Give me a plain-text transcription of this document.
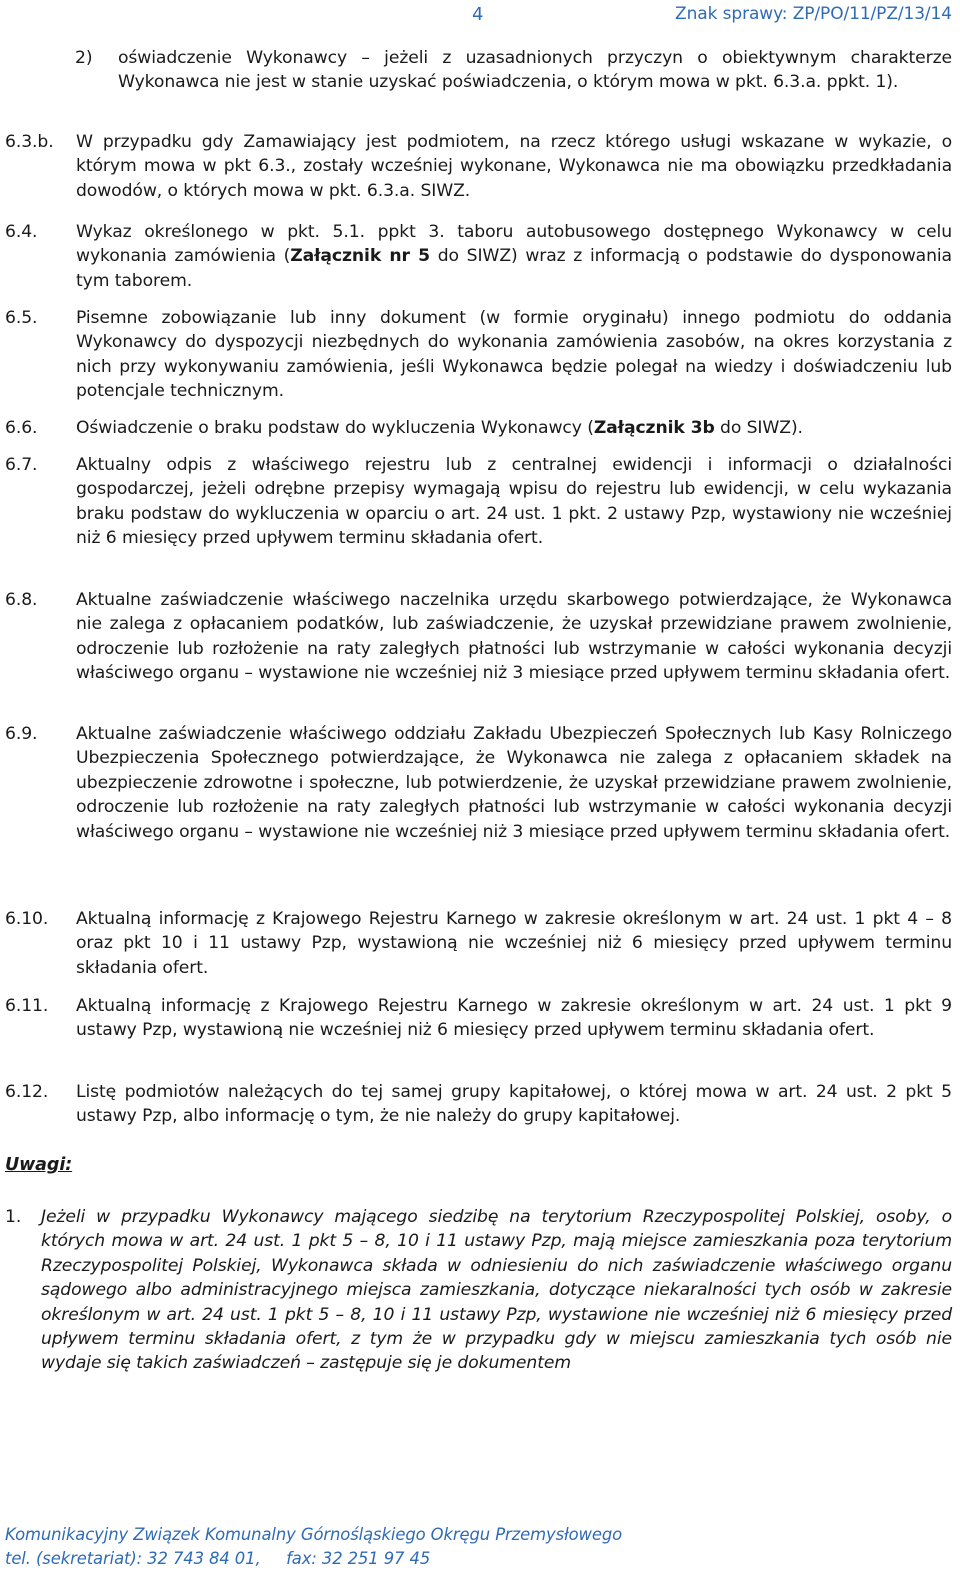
4	Znak sprawy: ZP/PO/11/PZ/13/14
2)	oświadczenie Wykonawcy – jeżeli z uzasadnionych przyczyn o obiektywnym charakterze Wykonawca nie jest w stanie uzyskać poświadczenia, o którym mowa w pkt. 6.3.a. ppkt. 1).
6.3.b.	W przypadku gdy Zamawiający jest podmiotem, na rzecz którego usługi wskazane w wykazie, o którym mowa w pkt 6.3., zostały wcześniej wykonane, Wykonawca nie ma obowiązku przedkładania dowodów, o których mowa w pkt. 6.3.a. SIWZ.
6.4.	Wykaz określonego w pkt. 5.1. ppkt 3. taboru autobusowego dostępnego Wykonawcy w celu wykonania zamówienia (Załącznik nr 5 do SIWZ) wraz z informacją o podstawie do dysponowania tym taborem.
6.5.	Pisemne zobowiązanie lub inny dokument (w formie oryginału) innego podmiotu do oddania Wykonawcy do dyspozycji niezbędnych do wykonania zamówienia zasobów, na okres korzystania z nich przy wykonywaniu zamówienia, jeśli Wykonawca będzie polegał na wiedzy i doświadczeniu lub potencjale technicznym.
6.6.	Oświadczenie o braku podstaw do wykluczenia Wykonawcy (Załącznik 3b do SIWZ).
6.7.	Aktualny odpis z właściwego rejestru lub z centralnej ewidencji i informacji o działalności gospodarczej, jeżeli odrębne przepisy wymagają wpisu do rejestru lub ewidencji, w celu wykazania braku podstaw do wykluczenia w oparciu o art. 24 ust. 1 pkt. 2 ustawy Pzp, wystawiony nie wcześniej niż 6 miesięcy przed upływem terminu składania ofert.
6.8.	Aktualne zaświadczenie właściwego naczelnika urzędu skarbowego potwierdzające, że Wykonawca nie zalega z opłacaniem podatków, lub zaświadczenie, że uzyskał przewidziane prawem zwolnienie, odroczenie lub rozłożenie na raty zaległych płatności lub wstrzymanie w całości wykonania decyzji właściwego organu – wystawione nie wcześniej niż 3 miesiące przed upływem terminu składania ofert.
6.9.	Aktualne zaświadczenie właściwego oddziału Zakładu Ubezpieczeń Społecznych lub Kasy Rolniczego Ubezpieczenia Społecznego potwierdzające, że Wykonawca nie zalega z opłacaniem składek na ubezpieczenie zdrowotne i społeczne, lub potwierdzenie, że uzyskał przewidziane prawem zwolnienie, odroczenie lub rozłożenie na raty zaległych płatności lub wstrzymanie w całości wykonania decyzji właściwego organu – wystawione nie wcześniej niż 3 miesiące przed upływem terminu składania ofert.
6.10.	Aktualną informację z Krajowego Rejestru Karnego w zakresie określonym w art. 24 ust. 1 pkt 4 – 8 oraz pkt 10 i 11 ustawy Pzp, wystawioną nie wcześniej niż 6 miesięcy przed upływem terminu składania ofert.
6.11.	Aktualną informację z Krajowego Rejestru Karnego w zakresie określonym w art. 24 ust. 1 pkt 9 ustawy Pzp, wystawioną nie wcześniej niż 6 miesięcy przed upływem terminu składania ofert.
6.12.	Listę podmiotów należących do tej samej grupy kapitałowej, o której mowa w art. 24 ust. 2 pkt 5 ustawy Pzp, albo informację o tym, że nie należy do grupy kapitałowej.
Uwagi:
1.	Jeżeli w przypadku Wykonawcy mającego siedzibę na terytorium Rzeczypospolitej Polskiej, osoby, o których mowa w art. 24 ust. 1 pkt 5 – 8, 10 i 11 ustawy Pzp, mają miejsce zamieszkania poza terytorium Rzeczypospolitej Polskiej, Wykonawca składa w odniesieniu do nich zaświadczenie właściwego organu sądowego albo administracyjnego miejsca zamieszkania, dotyczące niekaralności tych osób w zakresie określonym w art. 24 ust. 1 pkt 5 – 8, 10 i 11 ustawy Pzp, wystawione nie wcześniej niż 6 miesięcy przed upływem terminu składania ofert, z tym że w przypadku gdy w miejscu zamieszkania tych osób nie wydaje się takich zaświadczeń – zastępuje się je dokumentem
Komunikacyjny Związek Komunalny Górnośląskiego Okręgu Przemysłowego
tel. (sekretariat): 32 743 84 01,     fax: 32 251 97 45
